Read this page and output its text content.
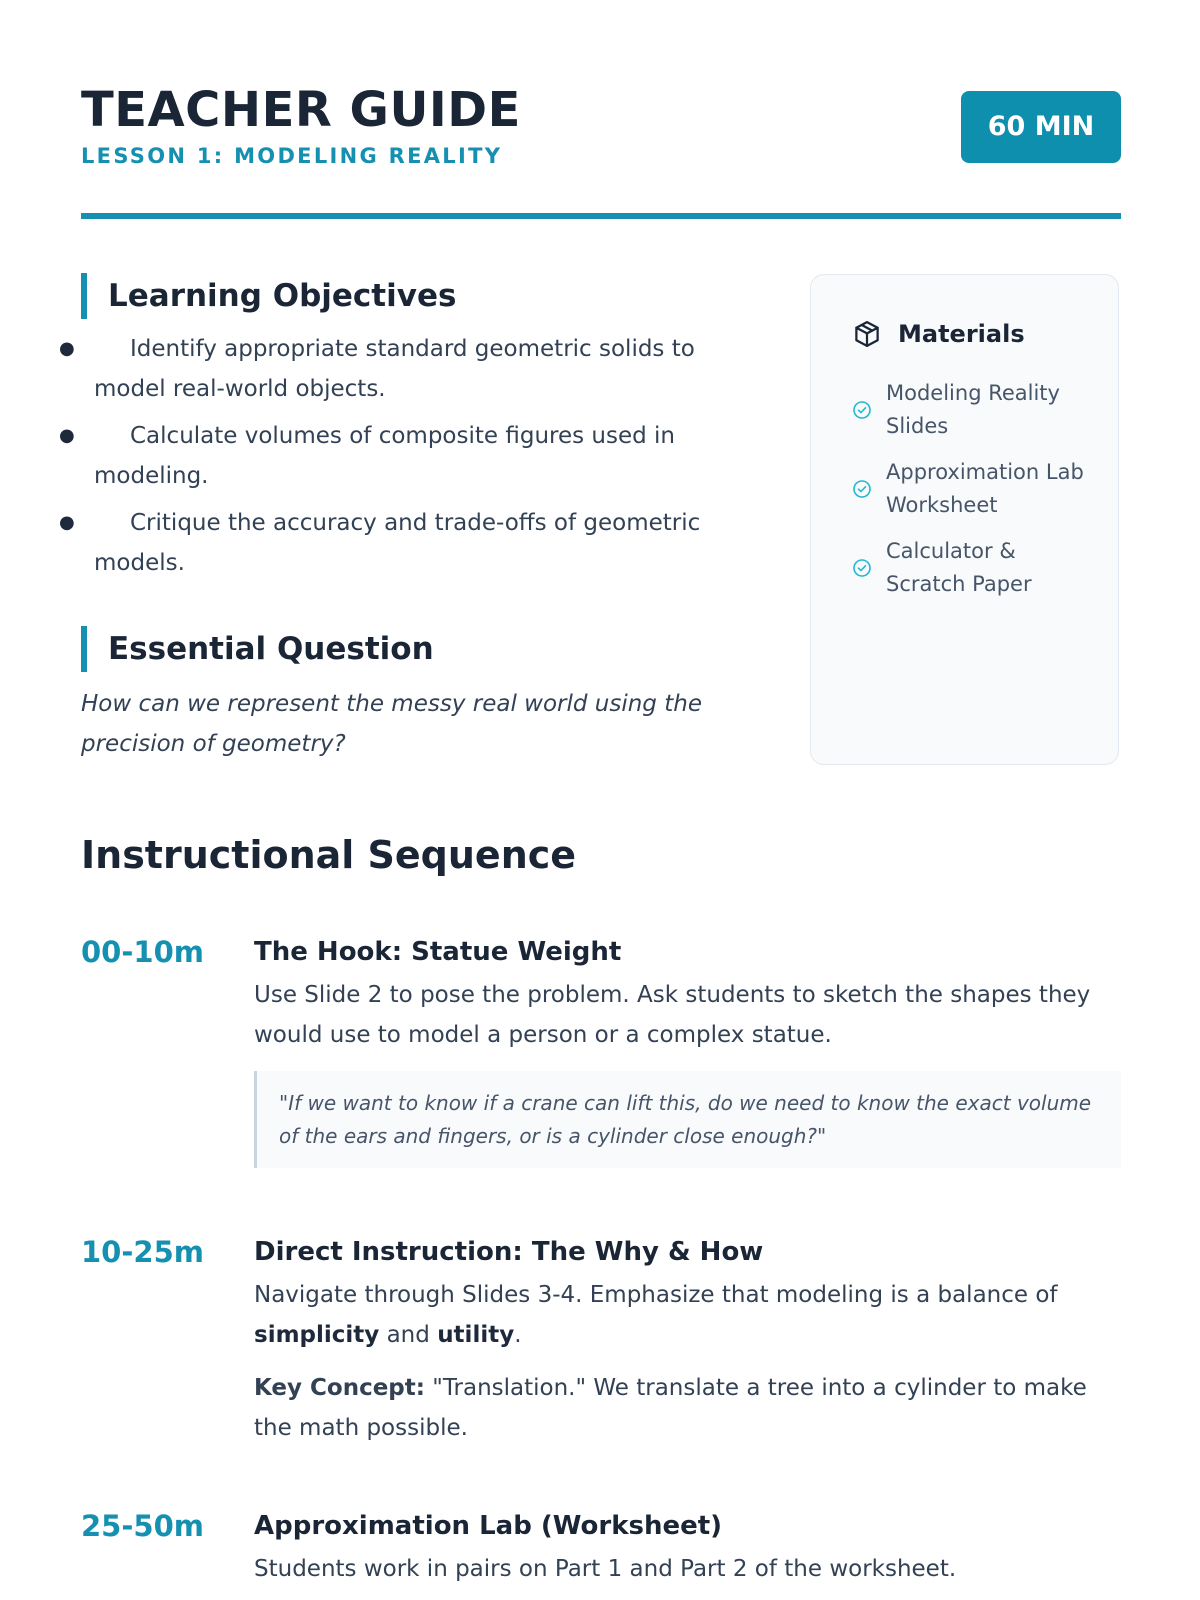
TEACHER GUIDE
LESSON 1: MODELING REALITY
60 MIN
Learning Objectives
● Identify appropriate standard geometric solids to model real-world objects.
● Calculate volumes of composite figures used in modeling.
● Critique the accuracy and trade-offs of geometric models.
Essential Question
How can we represent the messy real world using the precision of geometry?
Materials
Modeling Reality Slides
Approximation Lab Worksheet
Calculator & Scratch Paper
Instructional Sequence
00-10m The Hook: Statue Weight
Use Slide 2 to pose the problem. Ask students to sketch the shapes they would use to model a person or a complex statue.
"If we want to know if a crane can lift this, do we need to know the exact volume of the ears and fingers, or is a cylinder close enough?"
10-25m Direct Instruction: The Why & How
Navigate through Slides 3-4. Emphasize that modeling is a balance of simplicity and utility.
Key Concept: "Translation." We translate a tree into a cylinder to make the math possible.
25-50m Approximation Lab (Worksheet)
Students work in pairs on Part 1 and Part 2 of the worksheet.
